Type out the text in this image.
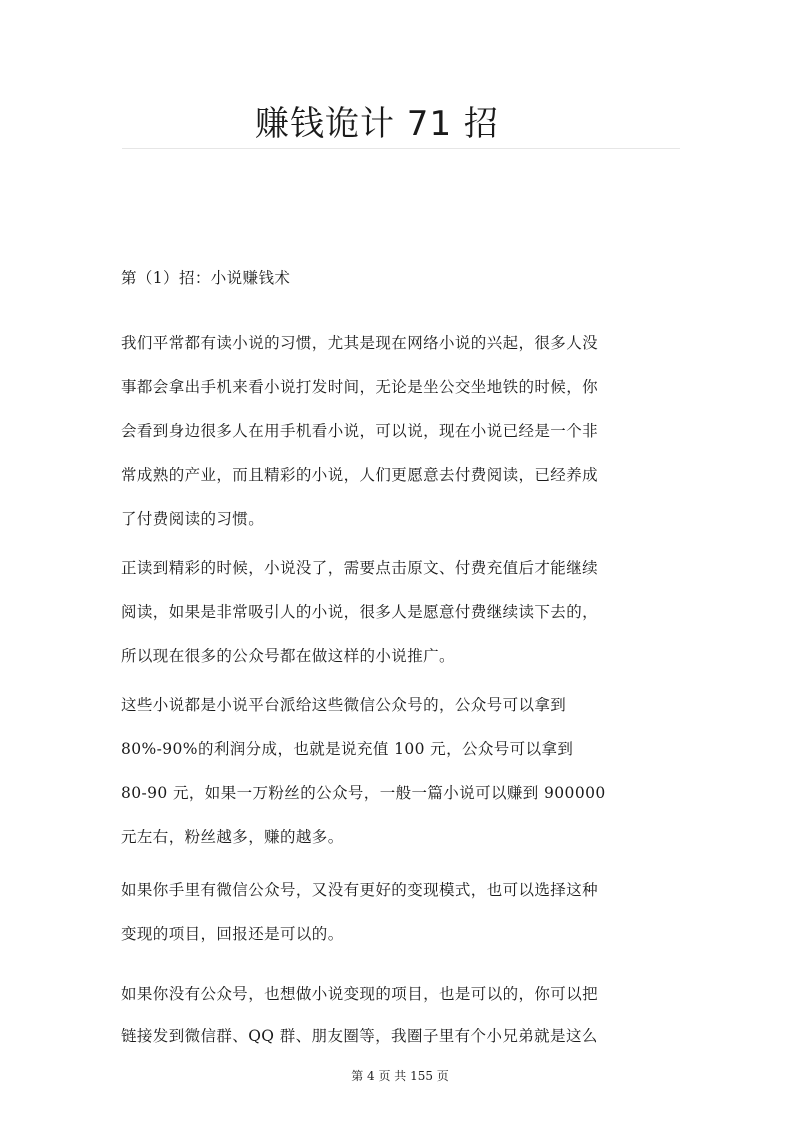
赚钱诡计 71 招
第（1）招：小说赚钱术
我们平常都有读小说的习惯，尤其是现在网络小说的兴起，很多人没
事都会拿出手机来看小说打发时间，无论是坐公交坐地铁的时候，你
会看到身边很多人在用手机看小说，可以说，现在小说已经是一个非
常成熟的产业，而且精彩的小说，人们更愿意去付费阅读，已经养成
了付费阅读的习惯。
正读到精彩的时候，小说没了，需要点击原文、付费充值后才能继续
阅读，如果是非常吸引人的小说，很多人是愿意付费继续读下去的，
所以现在很多的公众号都在做这样的小说推广。
这些小说都是小说平台派给这些微信公众号的，公众号可以拿到
80%-90%的利润分成，也就是说充值 100 元，公众号可以拿到
80-90 元，如果一万粉丝的公众号，一般一篇小说可以赚到 900000
元左右，粉丝越多，赚的越多。
如果你手里有微信公众号，又没有更好的变现模式，也可以选择这种
变现的项目，回报还是可以的。
如果你没有公众号，也想做小说变现的项目，也是可以的，你可以把
链接发到微信群、QQ 群、朋友圈等，我圈子里有个小兄弟就是这么
第 4 页 共 155 页
